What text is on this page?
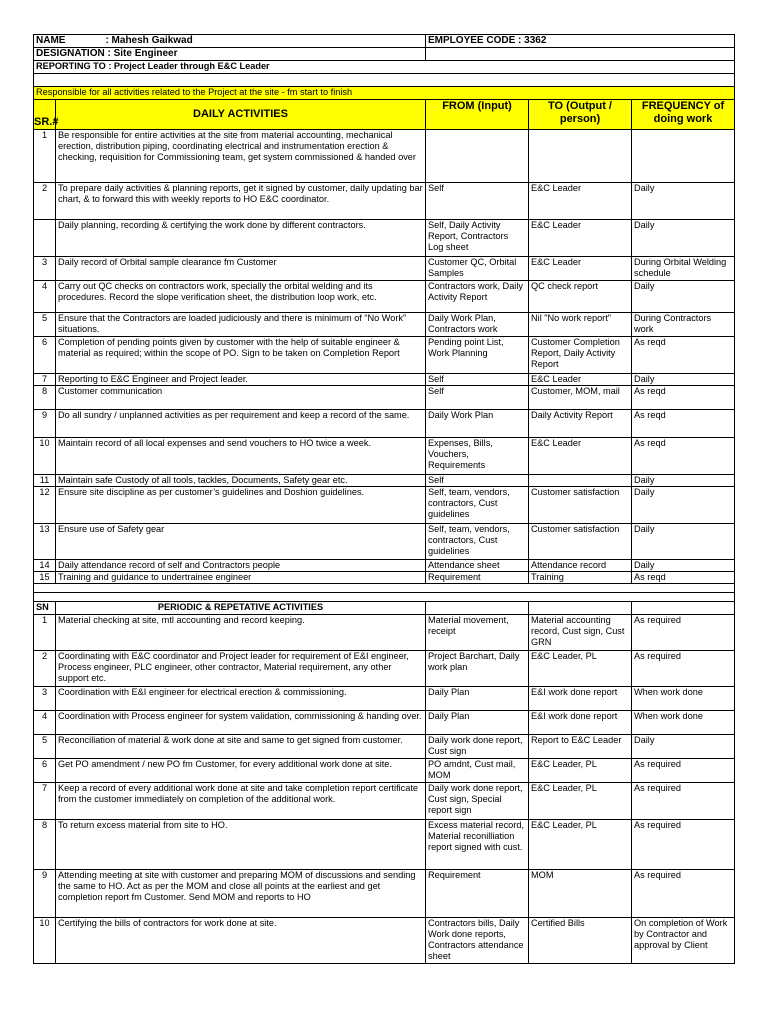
NAME : Mahesh Gaikwad		EMPLOYEE CODE : 3362		
DESIGNATION : Site Engineer				
REPORTING TO : Project Leader through E&C Leader				

Responsible for all activities related to the Project at the site - fm start to finish				
SR.#	DAILY ACTIVITIES	FROM (Input)	TO (Output / person)	FREQUENCY of doing work
1	Be responsible for entire activities at the site from material accounting, mechanical erection, distribution piping, coordinating electrical and instrumentation erection & checking, requisition for Commissioning team, get system commissioned & handed over			
2	To prepare daily activities & planning reports, get it signed by customer, daily updating bar chart, & to forward this with weekly reports to HO E&C coordinator.	Self	E&C Leader	Daily
	Daily planning, recording & certifying the work done by different contractors.	Self, Daily Activity Report, Contractors Log sheet	E&C Leader	Daily
3	Daily record of Orbital sample clearance fm Customer	Customer QC, Orbital Samples	E&C Leader	During Orbital Welding schedule
4	Carry out QC checks on contractors work, specially the orbital welding and its procedures. Record the slope verification sheet, the distribution loop work, etc.	Contractors work, Daily Activity Report	QC check report	Daily
5	Ensure that the Contractors are loaded judiciously and there is minimum of “No Work” situations.	Daily Work Plan, Contractors work	Nil "No work report"	During Contractors work
6	Completion of pending points given by customer with the help of suitable engineer & material as required; within the scope of PO. Sign to be taken on Completion Report	Pending point List, Work Planning	Customer Completion Report, Daily Activity Report	As reqd
7	Reporting to E&C Engineer and Project leader.	Self	E&C Leader	Daily
8	Customer communication	Self	Customer, MOM, mail	As reqd
9	Do all sundry / unplanned activities as per requirement and keep a record of the same.	Daily Work Plan	Daily Activity Report	As reqd
10	Maintain record of all local expenses and send vouchers to HO twice a week.	Expenses, Bills, Vouchers, Requirements	E&C Leader	As reqd
11	Maintain safe Custody of all tools, tackles, Documents, Safety gear etc.	Self		Daily
12	Ensure site discipline as per customer’s guidelines and Doshion guidelines.	Self, team, vendors, contractors, Cust guidelines	Customer satisfaction	Daily
13	Ensure use of Safety gear	Self, team, vendors, contractors, Cust guidelines	Customer satisfaction	Daily
14	Daily attendance record of self and Contractors people	Attendance sheet	Attendance record	Daily
15	Training and guidance to undertrainee engineer	Requirement	Training	As reqd

SN	PERIODIC & REPETATIVE ACTIVITIES			
1	Material checking at site, mtl accounting and record keeping.	Material movement, receipt	Material accounting record, Cust sign, Cust GRN	As required
2	Coordinating with E&C coordinator and Project leader for requirement of E&I engineer, Process engineer, PLC engineer, other contractor, Material requirement, any other support etc.	Project Barchart, Daily work plan	E&C Leader, PL	As required
3	Coordination with E&I engineer for electrical erection & commissioning.	Daily Plan	E&I work done report	When work done
4	Coordination with Process engineer for system validation, commissioning & handing over.	Daily Plan	E&I work done report	When work done
5	Reconciliation of material & work done at site and same to get signed from customer.	Daily work done report, Cust sign	Report to E&C Leader	Daily
6	Get PO amendment / new PO fm Customer, for every additional work done at site.	PO amdnt, Cust mail, MOM	E&C Leader, PL	As required
7	Keep a record of every additional work done at site and take completion report certificate from the customer immediately on completion of the additional work.	Daily work done report, Cust sign, Special report sign	E&C Leader, PL	As required
8	To return excess material from site to HO.	Excess material record, Material reconilliation report signed with cust.	E&C Leader, PL	As required
9	Attending meeting at site with customer and preparing MOM of discussions and sending the same to HO. Act as per the MOM and close all points at the earliest and get completion report fm Customer. Send MOM and reports to HO	Requirement	MOM	As required
10	Certifying the bills of contractors for work done at site.	Contractors bills, Daily Work done reports, Contractors attendance sheet	Certified Bills	On completion of Work by Contractor and approval by Client
